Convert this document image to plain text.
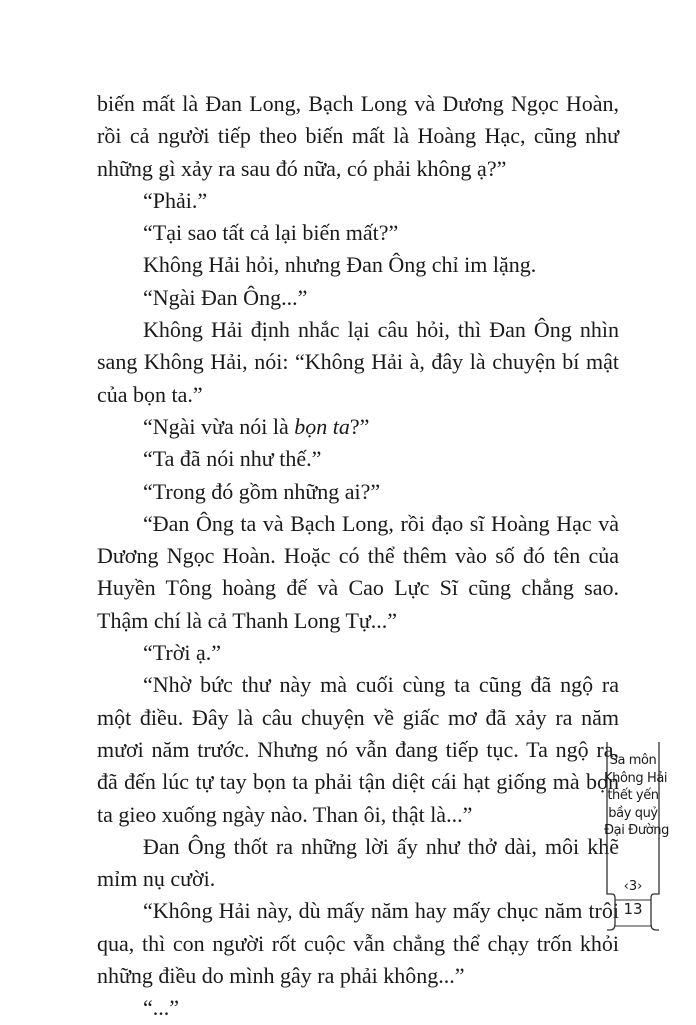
biến mất là Đan Long, Bạch Long và Dương Ngọc Hoàn, rồi cả người tiếp theo biến mất là Hoàng Hạc, cũng như những gì xảy ra sau đó nữa, có phải không ạ?”

“Phải.”

“Tại sao tất cả lại biến mất?”

Không Hải hỏi, nhưng Đan Ông chỉ im lặng.

“Ngài Đan Ông...”

Không Hải định nhắc lại câu hỏi, thì Đan Ông nhìn sang Không Hải, nói: “Không Hải à, đây là chuyện bí mật của bọn ta.”

“Ngài vừa nói là bọn ta?”

“Ta đã nói như thế.”

“Trong đó gồm những ai?”

“Đan Ông ta và Bạch Long, rồi đạo sĩ Hoàng Hạc và Dương Ngọc Hoàn. Hoặc có thể thêm vào số đó tên của Huyền Tông hoàng đế và Cao Lực Sĩ cũng chẳng sao. Thậm chí là cả Thanh Long Tự...”

“Trời ạ.”

“Nhờ bức thư này mà cuối cùng ta cũng đã ngộ ra một điều. Đây là câu chuyện về giấc mơ đã xảy ra năm mươi năm trước. Nhưng nó vẫn đang tiếp tục. Ta ngộ ra, đã đến lúc tự tay bọn ta phải tận diệt cái hạt giống mà bọn ta gieo xuống ngày nào. Than ôi, thật là...”

Đan Ông thốt ra những lời ấy như thở dài, môi khẽ mỉm nụ cười.

“Không Hải này, dù mấy năm hay mấy chục năm trôi qua, thì con người rốt cuộc vẫn chẳng thể chạy trốn khỏi những điều do mình gây ra phải không...”

“...”

Sa môn
Không Hải
thết yến
bầy quỷ
Đại Đường
‹3›
13
